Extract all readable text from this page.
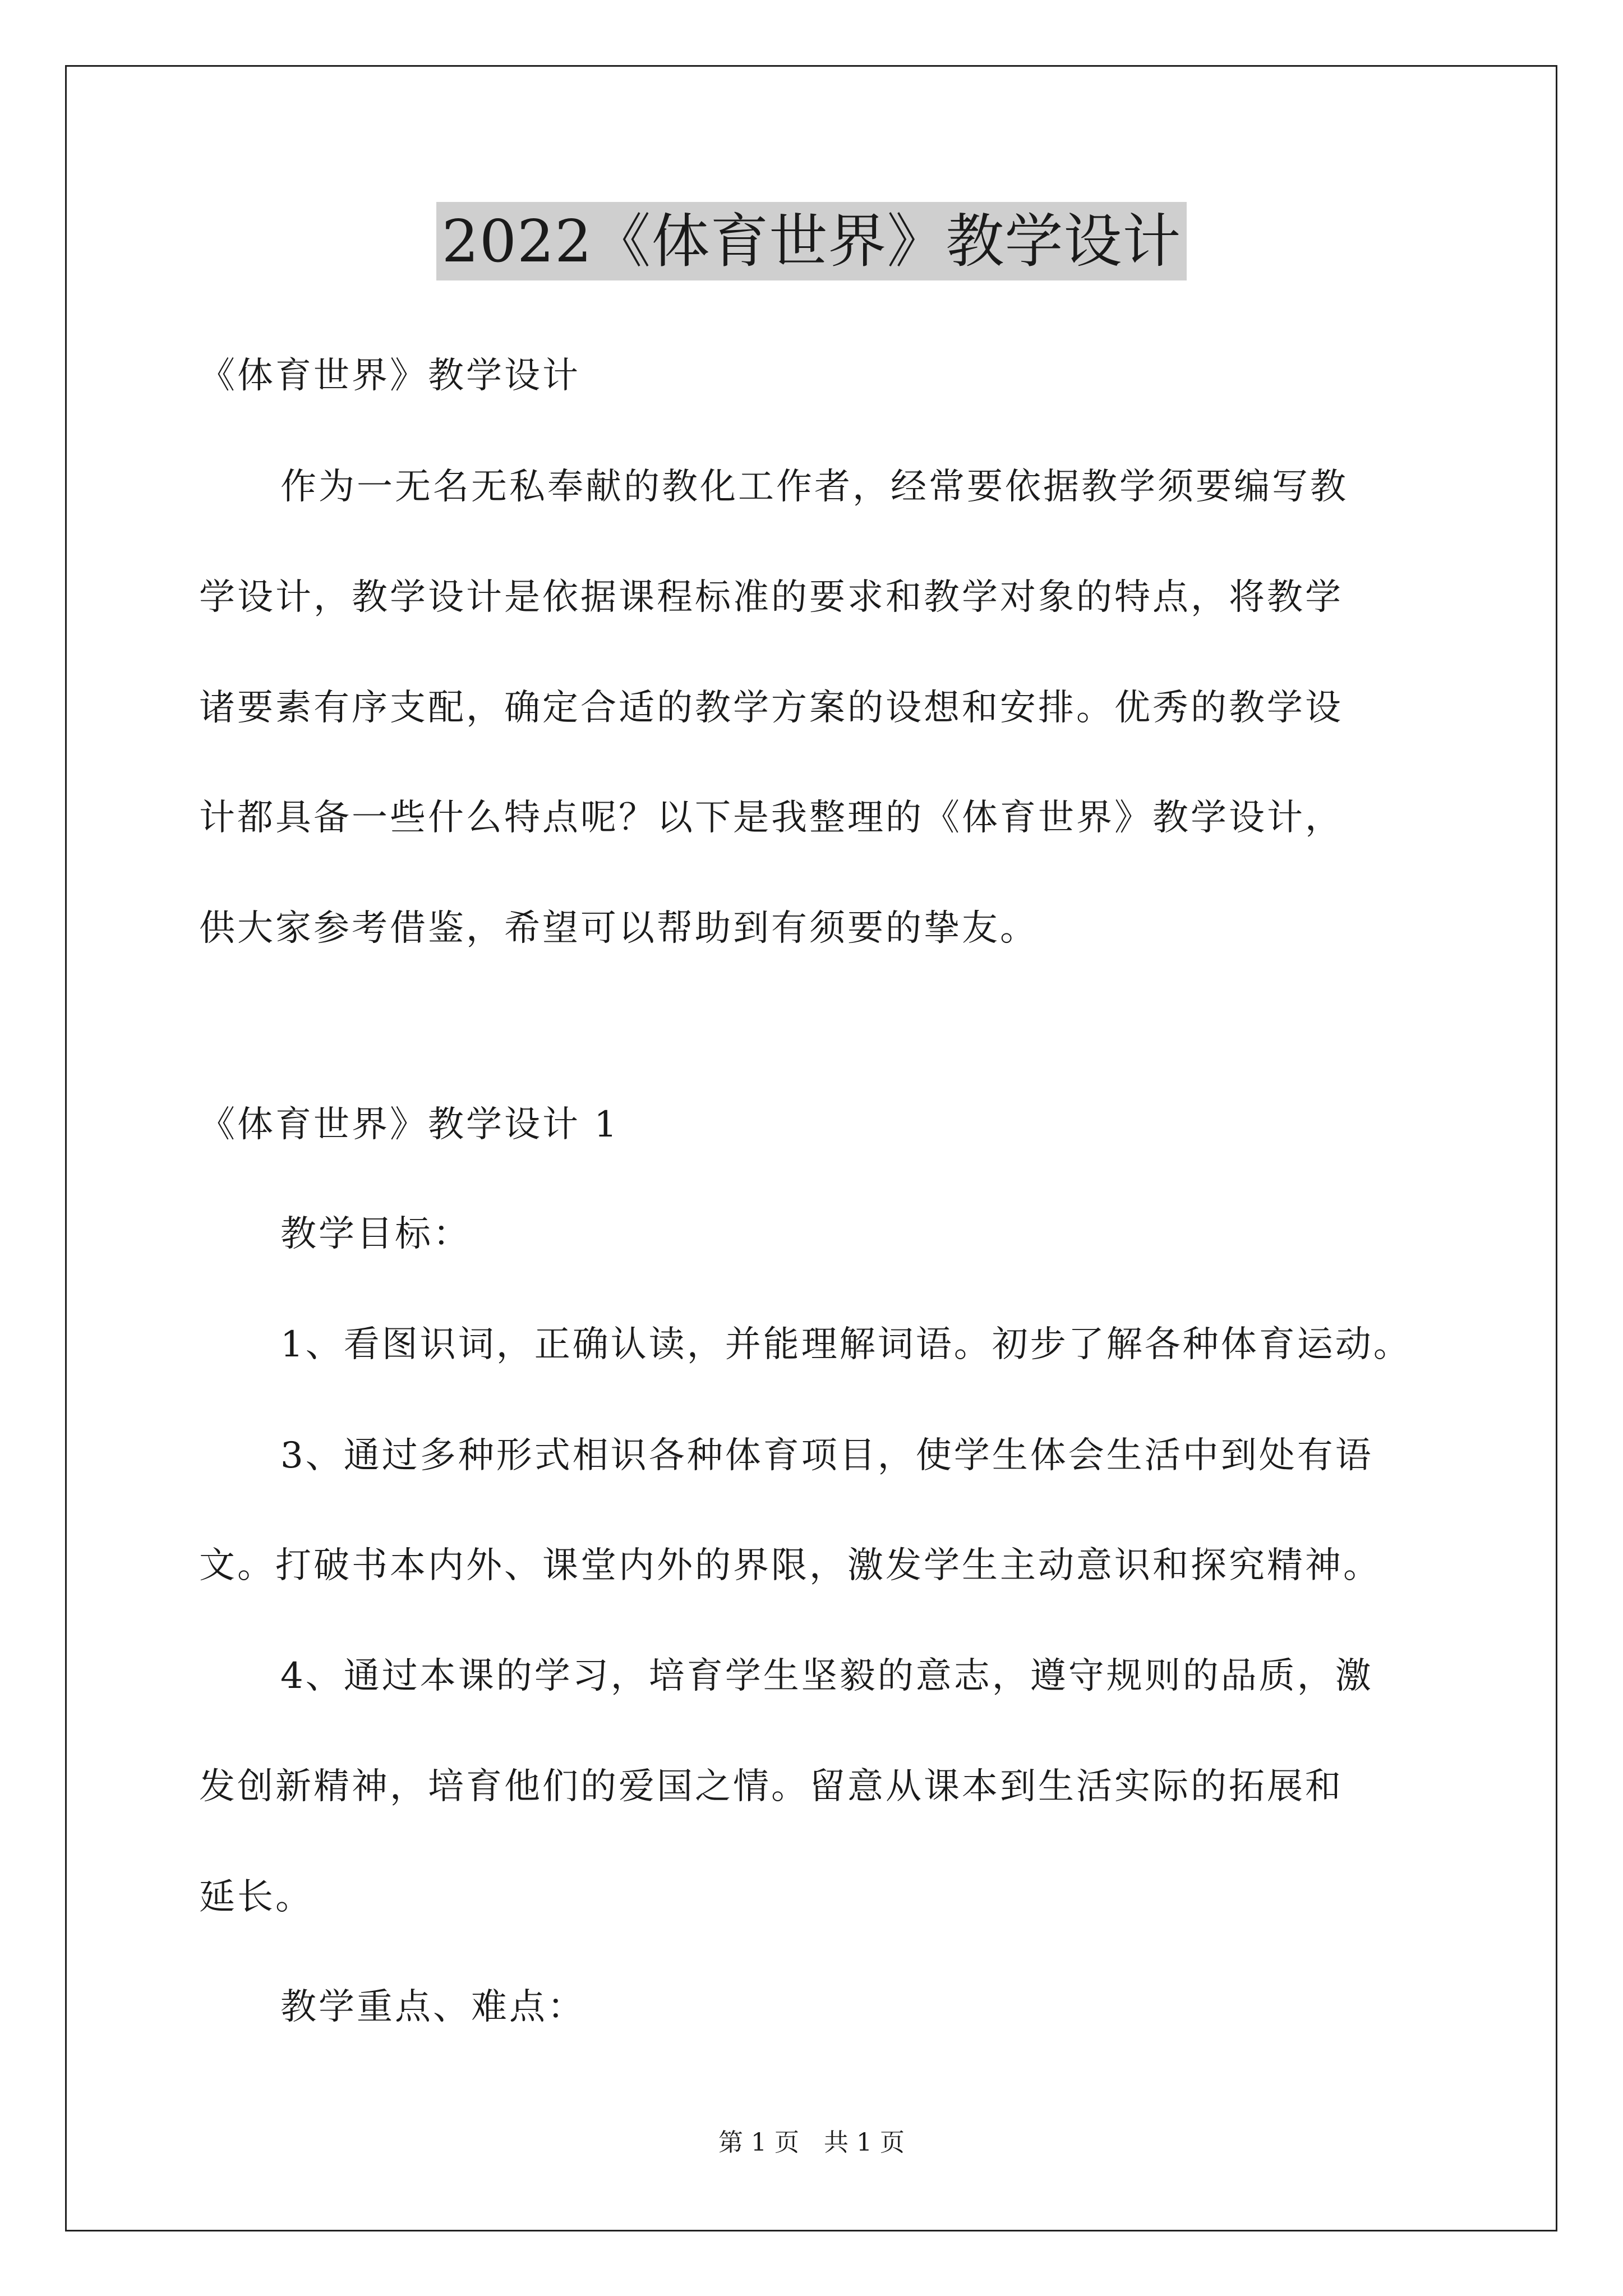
2022《体育世界》教学设计
《体育世界》教学设计
作为一无名无私奉献的教化工作者，经常要依据教学须要编写教
学设计，教学设计是依据课程标准的要求和教学对象的特点，将教学
诸要素有序支配，确定合适的教学方案的设想和安排。优秀的教学设
计都具备一些什么特点呢？以下是我整理的《体育世界》教学设计，
供大家参考借鉴，希望可以帮助到有须要的挚友。
《体育世界》教学设计 1
教学目标：
1、看图识词，正确认读，并能理解词语。初步了解各种体育运动。
3、通过多种形式相识各种体育项目，使学生体会生活中到处有语
文。打破书本内外、课堂内外的界限，激发学生主动意识和探究精神。
4、通过本课的学习，培育学生坚毅的意志，遵守规则的品质，激
发创新精神，培育他们的爱国之情。留意从课本到生活实际的拓展和
延长。
教学重点、难点：
第 1 页　共 1 页
